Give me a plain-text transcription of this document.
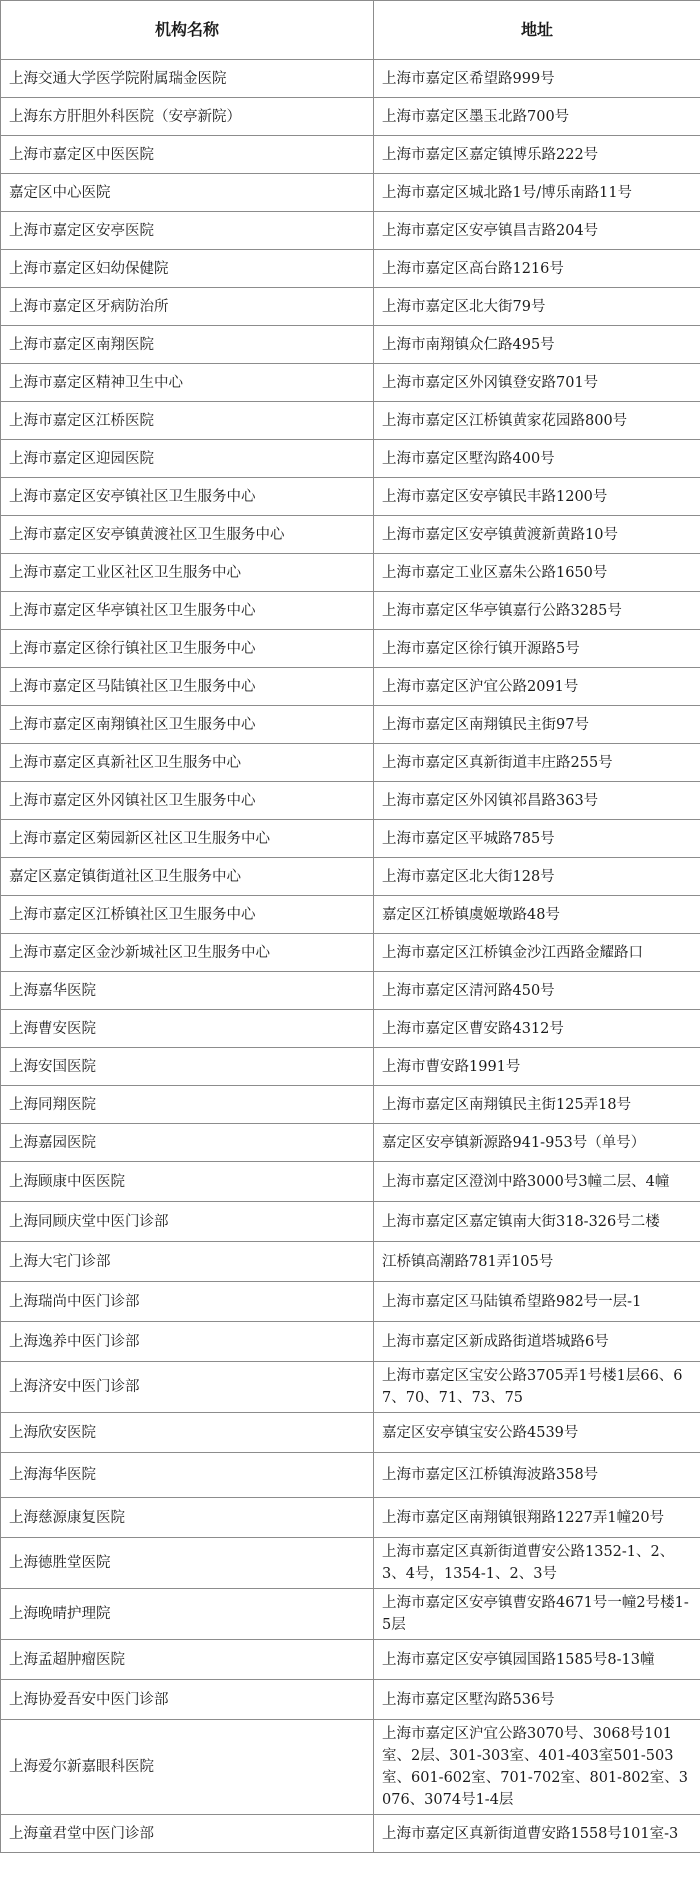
机构名称	地址
上海交通大学医学院附属瑞金医院	上海市嘉定区希望路999号
上海东方肝胆外科医院（安亭新院）	上海市嘉定区墨玉北路700号
上海市嘉定区中医医院	上海市嘉定区嘉定镇博乐路222号
嘉定区中心医院	上海市嘉定区城北路1号/博乐南路11号
上海市嘉定区安亭医院	上海市嘉定区安亭镇昌吉路204号
上海市嘉定区妇幼保健院	上海市嘉定区高台路1216号
上海市嘉定区牙病防治所	上海市嘉定区北大街79号
上海市嘉定区南翔医院	上海市南翔镇众仁路495号
上海市嘉定区精神卫生中心	上海市嘉定区外冈镇登安路701号
上海市嘉定区江桥医院	上海市嘉定区江桥镇黄家花园路800号
上海市嘉定区迎园医院	上海市嘉定区墅沟路400号
上海市嘉定区安亭镇社区卫生服务中心	上海市嘉定区安亭镇民丰路1200号
上海市嘉定区安亭镇黄渡社区卫生服务中心	上海市嘉定区安亭镇黄渡新黄路10号
上海市嘉定工业区社区卫生服务中心	上海市嘉定工业区嘉朱公路1650号
上海市嘉定区华亭镇社区卫生服务中心	上海市嘉定区华亭镇嘉行公路3285号
上海市嘉定区徐行镇社区卫生服务中心	上海市嘉定区徐行镇开源路5号
上海市嘉定区马陆镇社区卫生服务中心	上海市嘉定区沪宜公路2091号
上海市嘉定区南翔镇社区卫生服务中心	上海市嘉定区南翔镇民主街97号
上海市嘉定区真新社区卫生服务中心	上海市嘉定区真新街道丰庄路255号
上海市嘉定区外冈镇社区卫生服务中心	上海市嘉定区外冈镇祁昌路363号
上海市嘉定区菊园新区社区卫生服务中心	上海市嘉定区平城路785号
嘉定区嘉定镇街道社区卫生服务中心	上海市嘉定区北大街128号
上海市嘉定区江桥镇社区卫生服务中心	嘉定区江桥镇虞姬墩路48号
上海市嘉定区金沙新城社区卫生服务中心	上海市嘉定区江桥镇金沙江西路金耀路口
上海嘉华医院	上海市嘉定区清河路450号
上海曹安医院	上海市嘉定区曹安路4312号
上海安国医院	上海市曹安路1991号
上海同翔医院	上海市嘉定区南翔镇民主街125弄18号
上海嘉园医院	嘉定区安亭镇新源路941-953号（单号）
上海顾康中医医院	上海市嘉定区澄浏中路3000号3幢二层、4幢
上海同顾庆堂中医门诊部	上海市嘉定区嘉定镇南大街318-326号二楼
上海大宅门诊部	江桥镇高潮路781弄105号
上海瑞尚中医门诊部	上海市嘉定区马陆镇希望路982号一层-1
上海逸养中医门诊部	上海市嘉定区新成路街道塔城路6号
上海济安中医门诊部	上海市嘉定区宝安公路3705弄1号楼1层66、67、70、71、73、75
上海欣安医院	嘉定区安亭镇宝安公路4539号
上海海华医院	上海市嘉定区江桥镇海波路358号
上海慈源康复医院	上海市嘉定区南翔镇银翔路1227弄1幢20号
上海德胜堂医院	上海市嘉定区真新街道曹安公路1352-1、2、3、4号，1354-1、2、3号
上海晚晴护理院	上海市嘉定区安亭镇曹安路4671号一幢2号楼1-5层
上海孟超肿瘤医院	上海市嘉定区安亭镇园国路1585号8-13幢
上海协爱吾安中医门诊部	上海市嘉定区墅沟路536号
上海爱尔新嘉眼科医院	上海市嘉定区沪宜公路3070号、3068号101室、2层、301-303室、401-403室501-503室、601-602室、701-702室、801-802室、3076、3074号1-4层
上海童君堂中医门诊部	上海市嘉定区真新街道曹安路1558号101室-3
